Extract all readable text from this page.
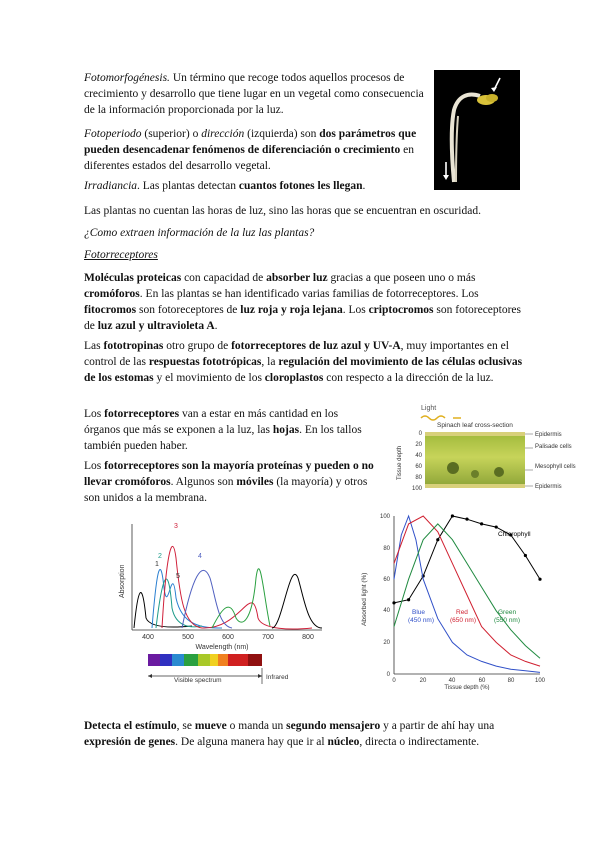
Fotomorfogénesis. Un término que recoge todos aquellos procesos de crecimiento y desarrollo que tiene lugar en un vegetal como consecuencia de la información proporcionada por la luz.

Fotoperiodo (superior) o dirección (izquierda) son dos parámetros que pueden desencadenar fenómenos de diferenciación o crecimiento en diferentes estados del desarrollo vegetal.

Irradiancia. Las plantas detectan cuantos fotones les llegan.

Las plantas no cuentan las horas de luz, sino las horas que se encuentran en oscuridad.

¿Como extraen información de la luz las plantas?

Fotorreceptores

Moléculas proteicas con capacidad de absorber luz gracias a que poseen uno o más cromóforos. En las plantas se han identificado varias familias de fotorreceptores. Los fitocromos son fotoreceptores de luz roja y roja lejana. Los criptocromos son fotoreceptores de luz azul y ultravioleta A.

Las fototropinas otro grupo de fotorreceptores de luz azul y UV-A, muy importantes en el control de las respuestas fototrópicas, la regulación del movimiento de las células oclusivas de los estomas y el movimiento de los cloroplastos con respecto a la dirección de la luz.

Los fotorreceptores van a estar en más cantidad en los órganos que más se exponen a la luz, las hojas. En los tallos también pueden haber.

Los fotorreceptores son la mayoría proteínas y pueden o no llevar cromóforos. Algunos son móviles (la mayoría) y otros son unidos a la membrana.

Light
Spinach leaf cross-section
Tissue depth
0
20
40
60
80
100
Epidermis
Palisade cells
Mesophyll cells
Epidermis
Absorption
1
2
3
4
5
400	500	600	700	800
Wavelength (nm)
Visible spectrum	Infrared
Absorbed light (%)
100
80
60
40
20
0
0	20	40	60	80	100
Tissue depth (%)
Chlorophyll
Blue
(450 nm)
Red
(650 nm)
Green
(550 nm)

Detecta el estímulo, se mueve o manda un segundo mensajero y a partir de ahí hay una expresión de genes. De alguna manera hay que ir al núcleo, directa o indirectamente.
